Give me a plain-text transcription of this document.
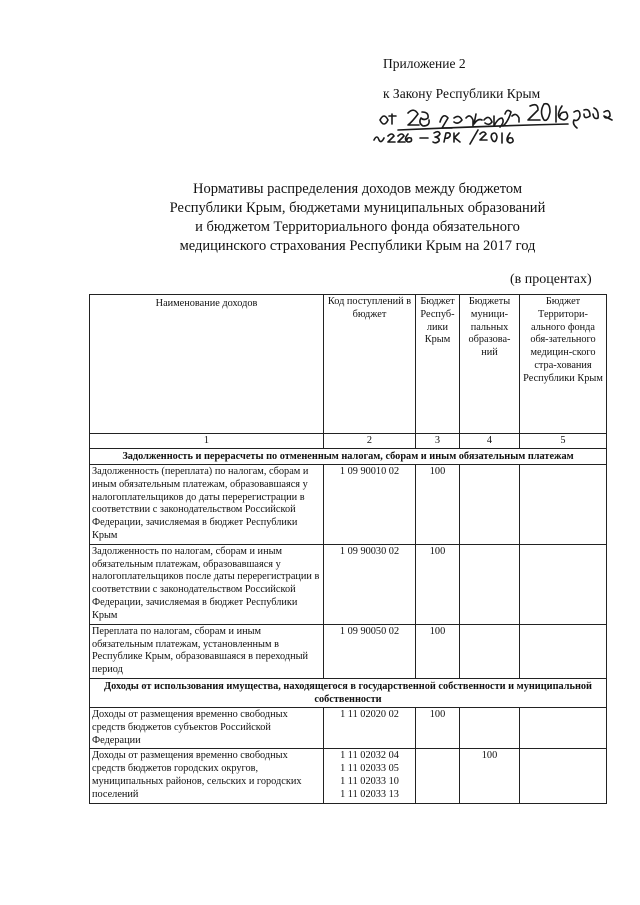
Приложение 2
к Закону Республики Крым
Нормативы распределения доходов между бюджетом
Республики Крым, бюджетами муниципальных образований
и бюджетом Территориального фонда обязательного
медицинского страхования Республики Крым на 2017 год
(в процентах)
Наименование доходов	Код поступлений в бюджет	Бюджет Респуб-лики Крым	Бюджеты муници-пальных образова-ний	Бюджет Территори-ального фонда обя-зательного медицин-ского стра-хования Республики Крым
1	2	3	4	5
Задолженность и перерасчеты по отмененным налогам, сборам и иным обязательным платежам				
Задолженность (переплата) по налогам, сборам и иным обязательным платежам, образовавшаяся у налогоплательщиков до даты перерегистрации в соответствии с законодательством Российской Федерации, зачисляемая в бюджет Республики Крым	1 09 90010 02	100		
Задолженность по налогам, сборам и иным обязательным платежам, образовавшаяся у налогоплательщиков после даты перерегистрации в соответствии с законодательством Российской Федерации, зачисляемая в бюджет Республики Крым	1 09 90030 02	100		
Переплата по налогам, сборам и иным обязательным платежам, установленным в Республике Крым, образовавшаяся в переходный период	1 09 90050 02	100		
Доходы от использования имущества, находящегося в государственной собственности и муниципальной собственности				
Доходы от размещения временно свободных средств бюджетов субъектов Российской Федерации	1 11 02020 02	100		
Доходы от размещения временно свободных средств бюджетов городских округов, муниципальных районов, сельских и городских поселений	1 11 02032 04
1 11 02033 05
1 11 02033 10
1 11 02033 13		100	
